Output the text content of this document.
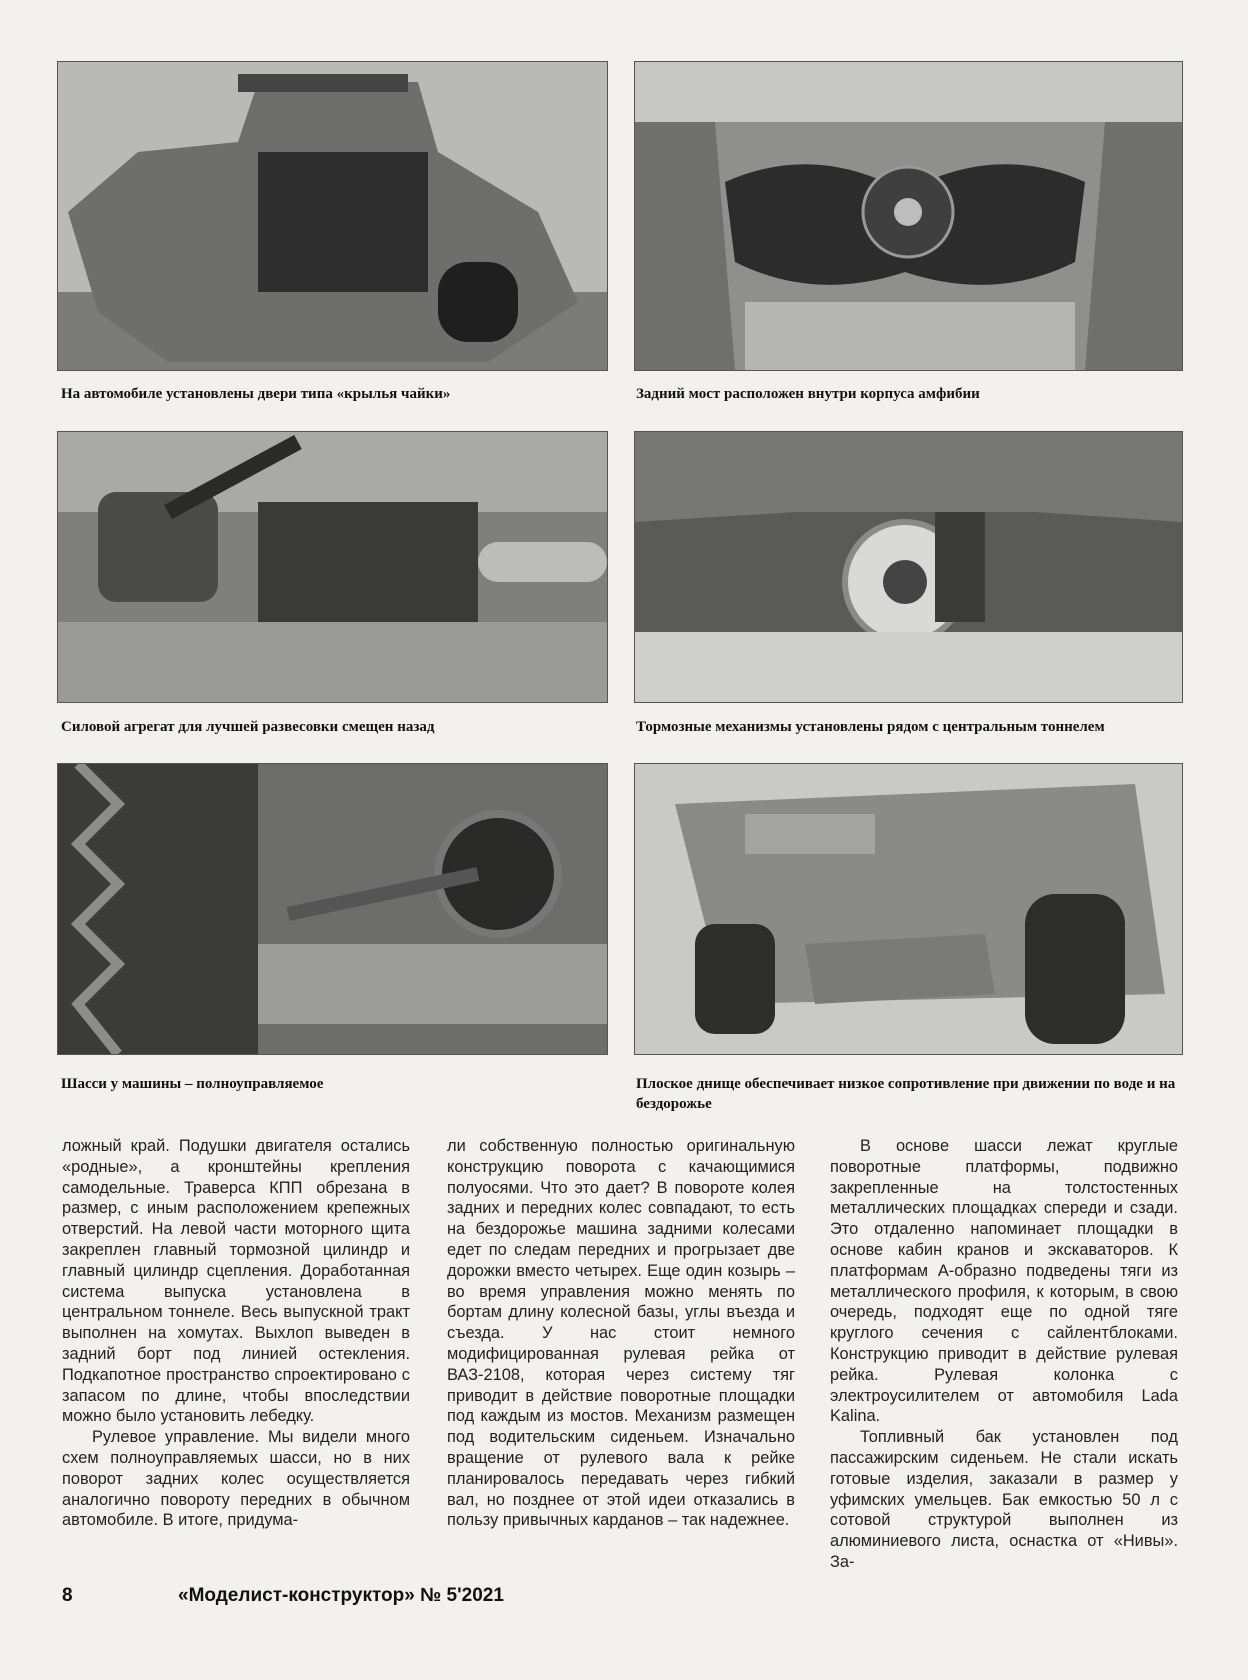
На автомобиле установлены двери типа «крылья чайки»	Задний мост расположен внутри корпуса амфибии
Силовой агрегат для лучшей развесовки смещен назад	Тормозные механизмы установлены рядом с центральным тоннелем
Шасси у машины – полноуправляемое	Плоское днище обеспечивает низкое сопротивление при движении по воде и на бездорожье

ложный край. Подушки двигателя остались «родные», а кронштейны крепления самодельные. Траверса КПП обрезана в размер, с иным расположением крепежных отверстий. На левой части моторного щита закреплен главный тормозной цилиндр и главный цилиндр сцепления. Доработанная система выпуска установлена в центральном тоннеле. Весь выпускной тракт выполнен на хомутах. Выхлоп выведен в задний борт под линией остекления. Подкапотное пространство спроектировано с запасом по длине, чтобы впоследствии можно было установить лебедку.

Рулевое управление. Мы видели много схем полноуправляемых шасси, но в них поворот задних колес осуществляется аналогично повороту передних в обычном автомобиле. В итоге, придума-

ли собственную полностью оригинальную конструкцию поворота с качающимися полуосями. Что это дает? В повороте колея задних и передних колес совпадают, то есть на бездорожье машина задними колесами едет по следам передних и прогрызает две дорожки вместо четырех. Еще один козырь – во время управления можно менять по бортам длину колесной базы, углы въезда и съезда. У нас стоит немного модифицированная рулевая рейка от ВАЗ-2108, которая через систему тяг приводит в действие поворотные площадки под каждым из мостов. Механизм размещен под водительским сиденьем. Изначально вращение от рулевого вала к рейке планировалось передавать через гибкий вал, но позднее от этой идеи отказались в пользу привычных карданов – так надежнее.

В основе шасси лежат круглые поворотные платформы, подвижно закрепленные на толстостенных металлических площадках спереди и сзади. Это отдаленно напоминает площадки в основе кабин кранов и экскаваторов. К платформам А-образно подведены тяги из металлического профиля, к которым, в свою очередь, подходят еще по одной тяге круглого сечения с сайлентблоками. Конструкцию приводит в действие рулевая рейка. Рулевая колонка с электроусилителем от автомобиля Lada Kalina.

Топливный бак установлен под пассажирским сиденьем. Не стали искать готовые изделия, заказали в размер у уфимских умельцев. Бак емкостью 50 л с сотовой структурой выполнен из алюминиевого листа, оснастка от «Нивы». За-

8	«Моделист-конструктор» № 5'2021
